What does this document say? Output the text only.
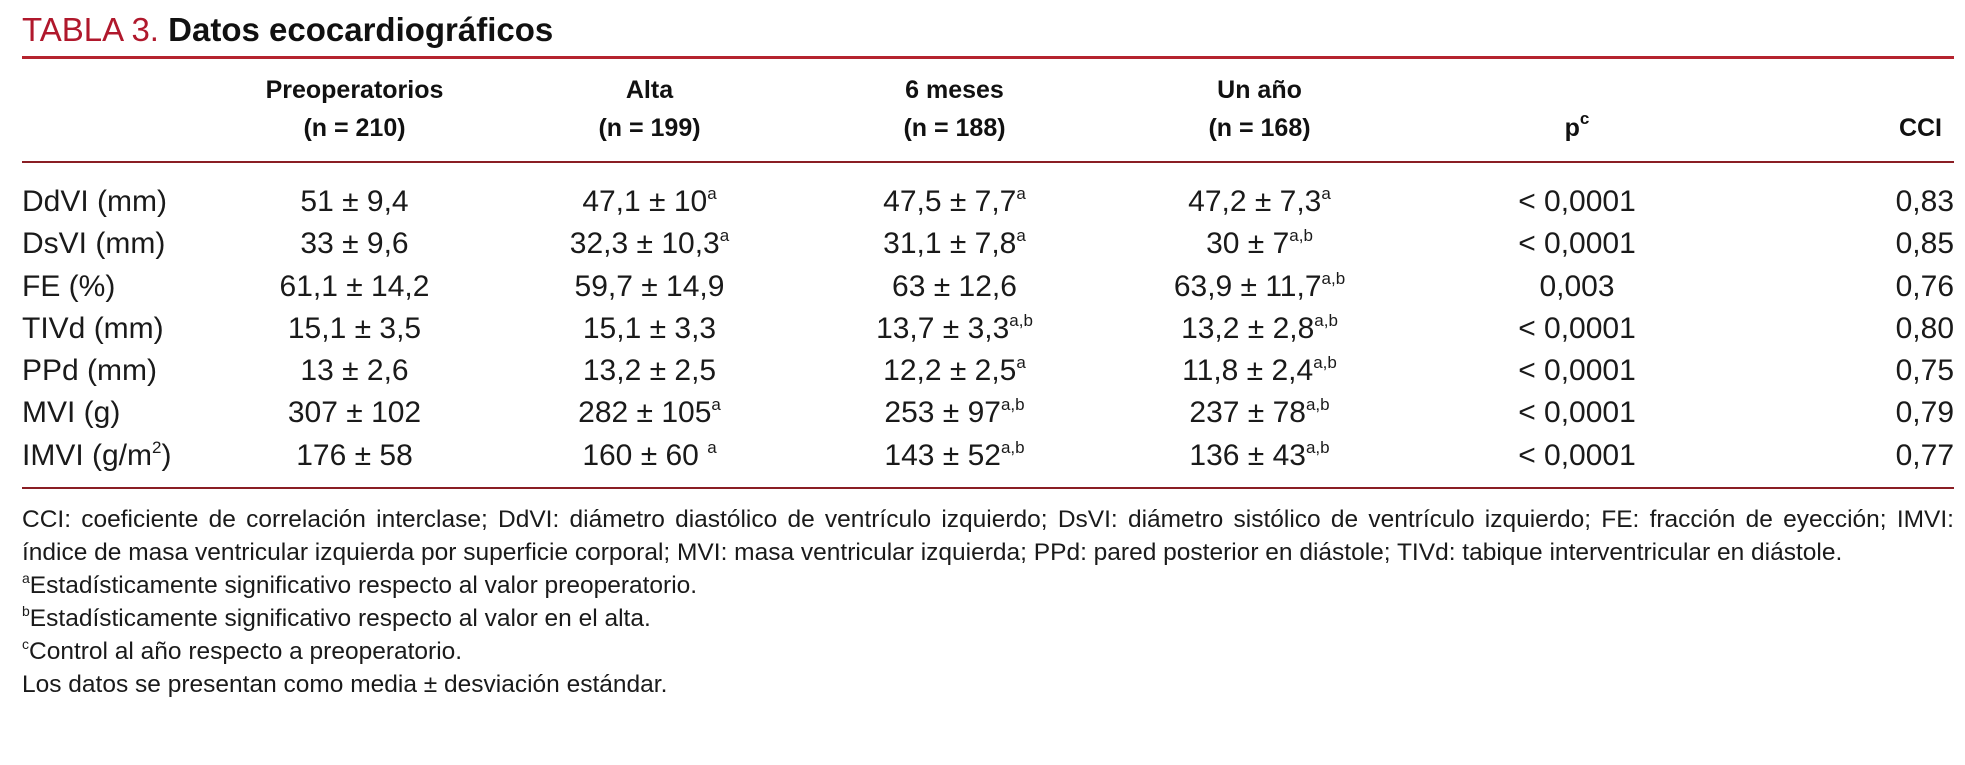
TABLA 3. Datos ecocardiográficos
	Preoperatorios	Alta	6 meses	Un año		
	(n = 210)	(n = 199)	(n = 188)	(n = 168)	$p^c$	CCI

DdVI (mm)	51 ± 9,4	$47,1 \pm 10^a$	47,5 ± 7,7$^a$	47,2 ± 7,3$^a$	< 0,0001	0,83
DsVI (mm)	33 ± 9,6	32,3 ± 10,3$^a$	31,1 ± 7,8$^a$	$30 \pm 7^{a,b}$	< 0,0001	0,85
FE (%)	61,1 ± 14,2	59,7 ± 14,9	63 ± 12,6	$63,9 \pm 11,7^{a,b}$	0,003	0,76
TIVd (mm)	15,1 ± 3,5	15,1 ± 3,3	$13,7 \pm 3,3^{a,b}$	$13,2 \pm 2,8^{a,b}$	< 0,0001	0,80
PPd (mm)	13 ± 2,6	13,2 ± 2,5	12,2 ± 2,5$^a$	$11,8 \pm 2,4^{a,b}$	< 0,0001	0,75
MVI (g)	307 ± 102	$282 \pm 105^a$	$253 \pm 97^{a,b}$	$237 \pm 78^{a,b}$	< 0,0001	0,79
IMVI $(g/m^2)$	176 ± 58	160 ± 60 $^a$	$143 \pm 52^{a,b}$	$136 \pm 43^{a,b}$	< 0,0001	0,77

CCI: coeficiente de correlación interclase; DdVI: diámetro diastólico de ventrículo izquierdo; DsVI: diámetro sistólico de ventrículo izquierdo; FE: fracción de eyección; IMVI: índice de masa ventricular izquierda por superficie corporal; MVI: masa ventricular izquierda; PPd: pared posterior en diástole; TIVd: tabique interventricular en diástole.

$^a$Estadísticamente significativo respecto al valor preoperatorio.

$^b$Estadísticamente significativo respecto al valor en el alta.

$^c$Control al año respecto a preoperatorio.

Los datos se presentan como media ± desviación estándar.
